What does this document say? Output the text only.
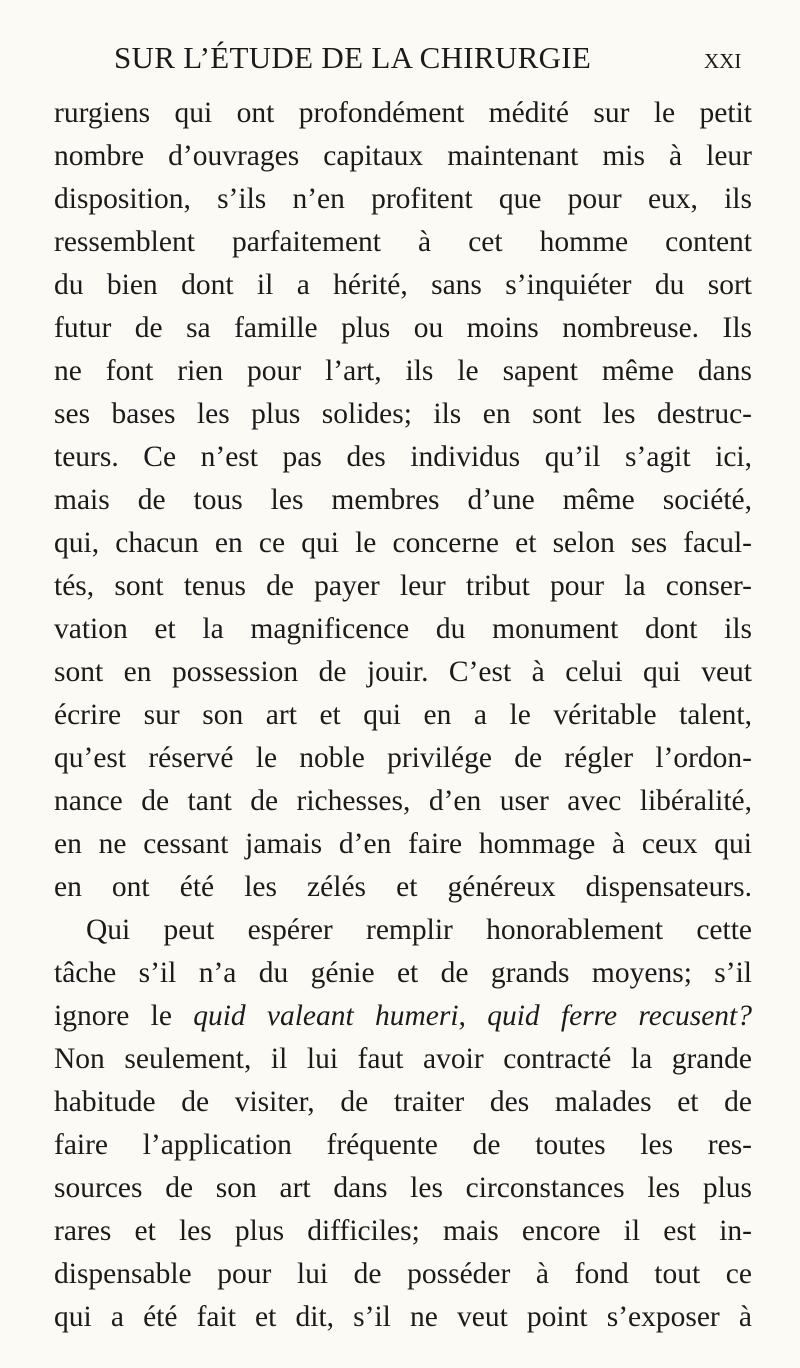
SUR L’ÉTUDE DE LA CHIRURGIE	xxi
rurgiens qui ont profondément médité sur le petit
nombre d’ouvrages capitaux maintenant mis à leur
disposition, s’ils n’en profitent que pour eux, ils
ressemblent parfaitement à cet homme content
du bien dont il a hérité, sans s’inquiéter du sort
futur de sa famille plus ou moins nombreuse. Ils
ne font rien pour l’art, ils le sapent même dans
ses bases les plus solides; ils en sont les destruc-
teurs. Ce n’est pas des individus qu’il s’agit ici,
mais de tous les membres d’une même société,
qui, chacun en ce qui le concerne et selon ses facul-
tés, sont tenus de payer leur tribut pour la conser-
vation et la magnificence du monument dont ils
sont en possession de jouir. C’est à celui qui veut
écrire sur son art et qui en a le véritable talent,
qu’est réservé le noble privilége de régler l’ordon-
nance de tant de richesses, d’en user avec libéralité,
en ne cessant jamais d’en faire hommage à ceux qui
en ont été les zélés et généreux dispensateurs.
Qui peut espérer remplir honorablement cette
tâche s’il n’a du génie et de grands moyens; s’il
ignore le quid valeant humeri, quid ferre recusent?
Non seulement, il lui faut avoir contracté la grande
habitude de visiter, de traiter des malades et de
faire l’application fréquente de toutes les res-
sources de son art dans les circonstances les plus
rares et les plus difficiles; mais encore il est in-
dispensable pour lui de posséder à fond tout ce
qui a été fait et dit, s’il ne veut point s’exposer à
